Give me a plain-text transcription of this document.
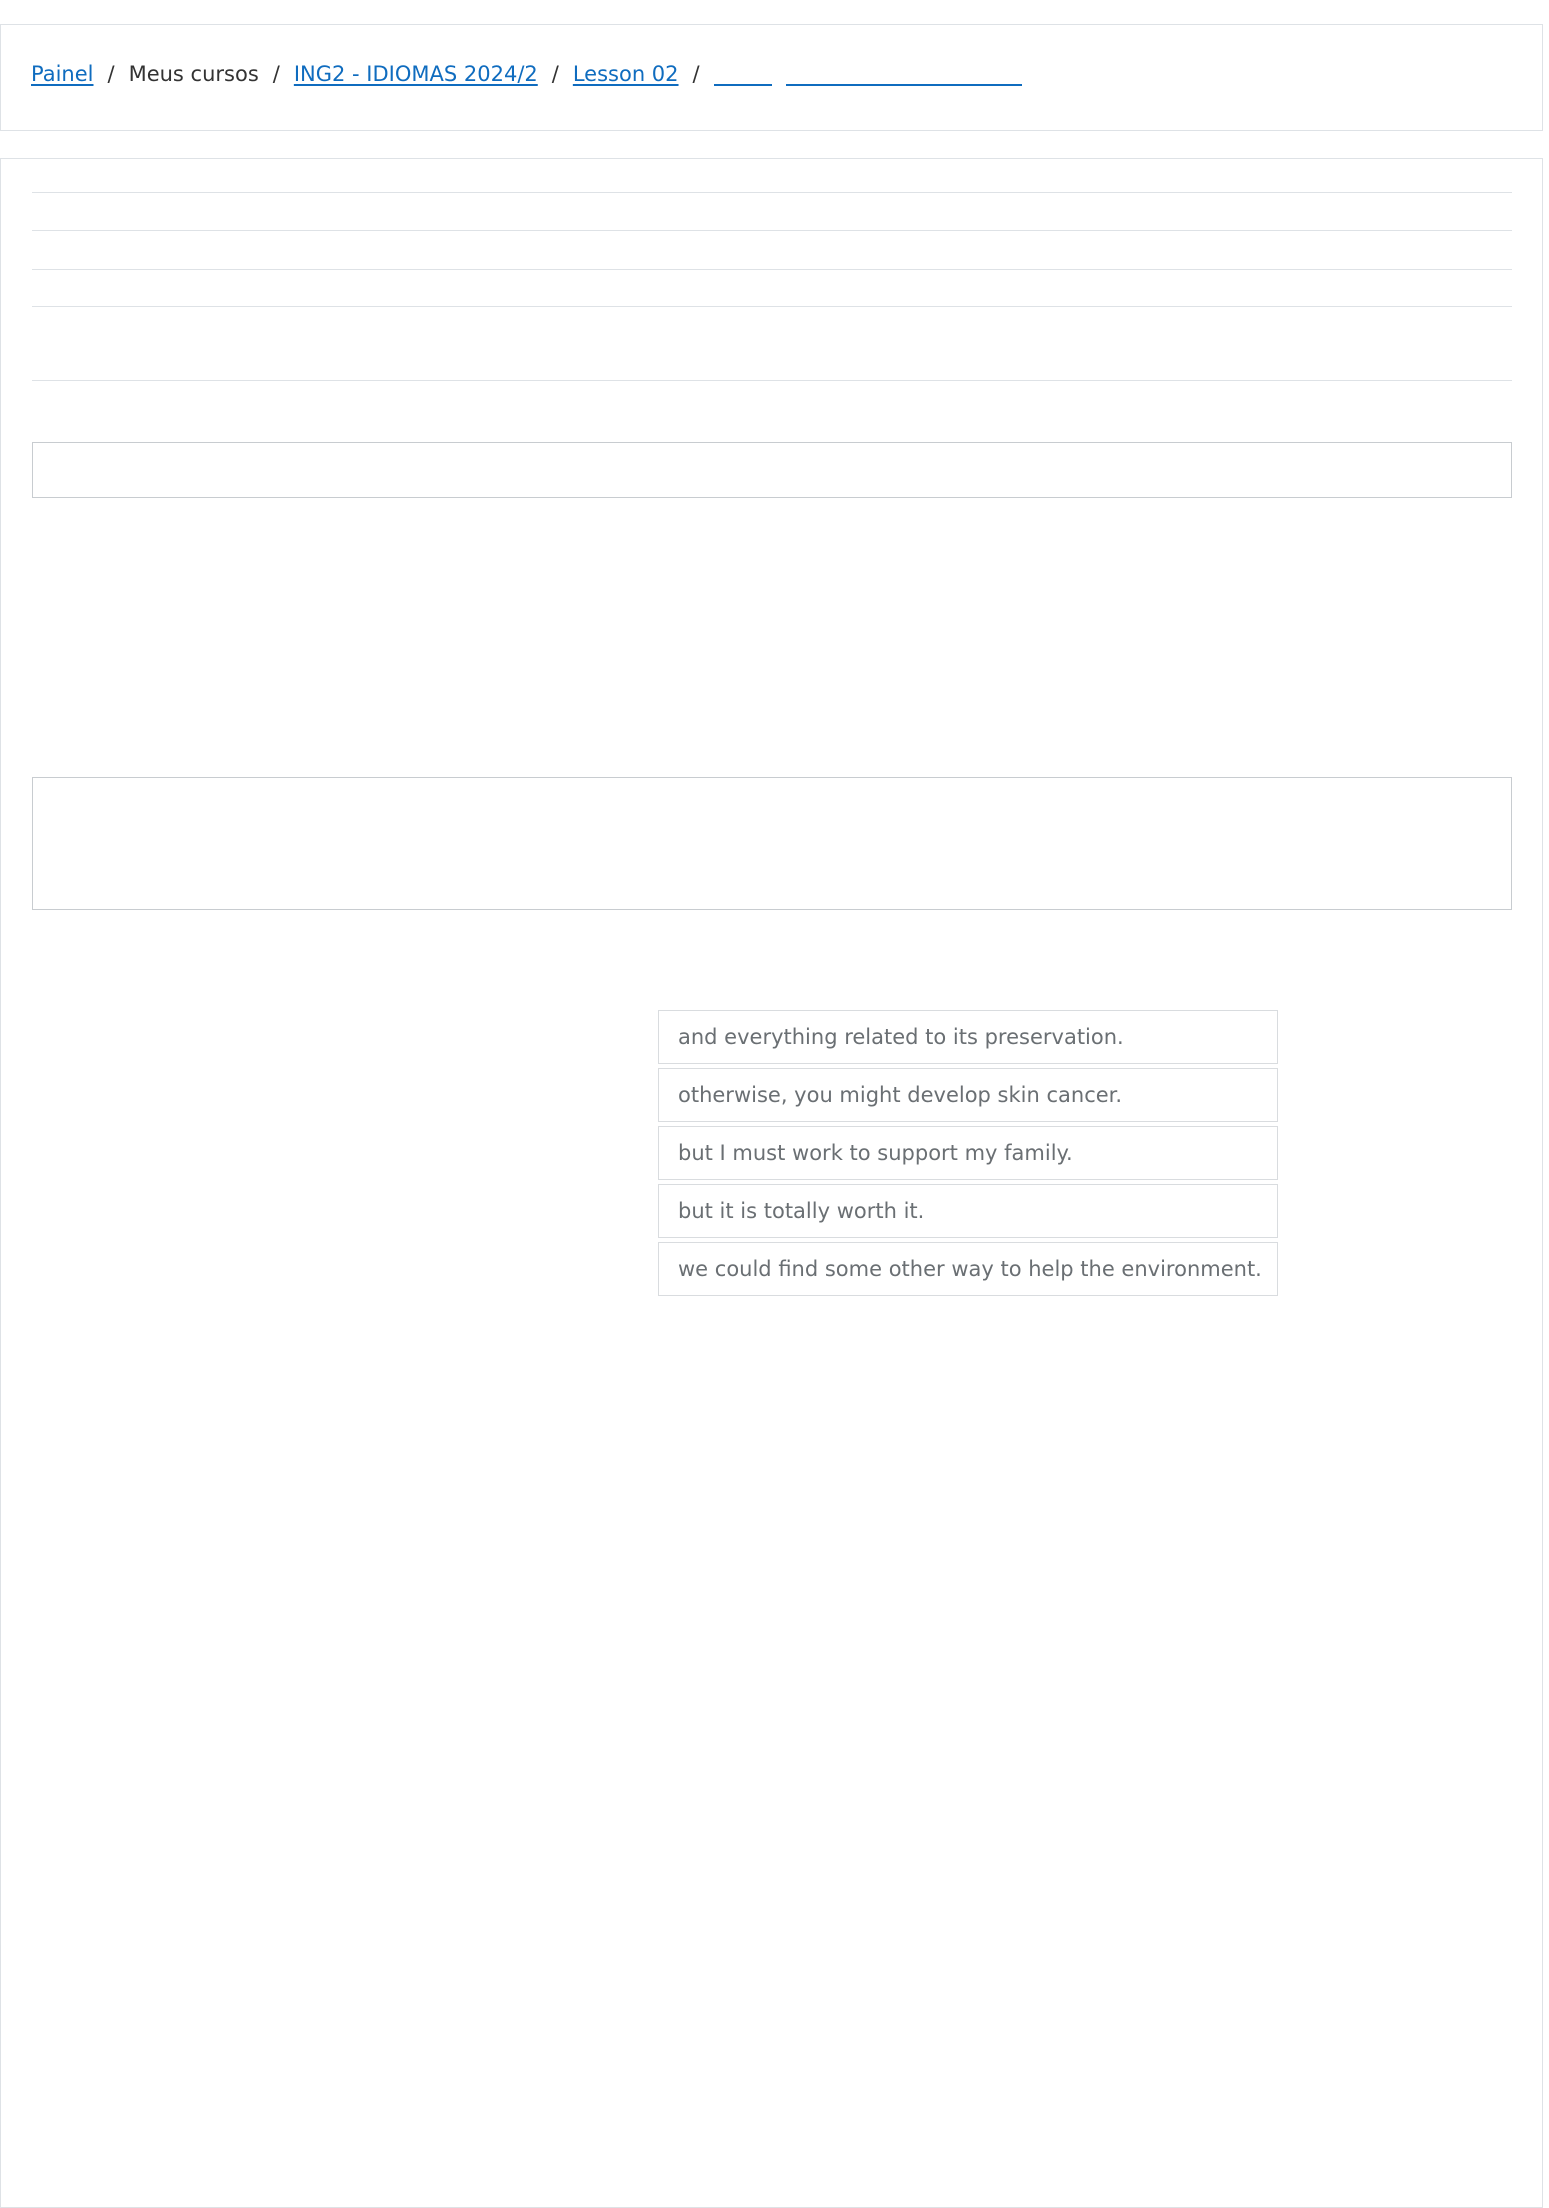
Painel / Meus cursos / ING2 - IDIOMAS 2024/2 / Lesson 02 /
and everything related to its preservation.
otherwise, you might develop skin cancer.
but I must work to support my family.
but it is totally worth it.
we could find some other way to help the environment.
